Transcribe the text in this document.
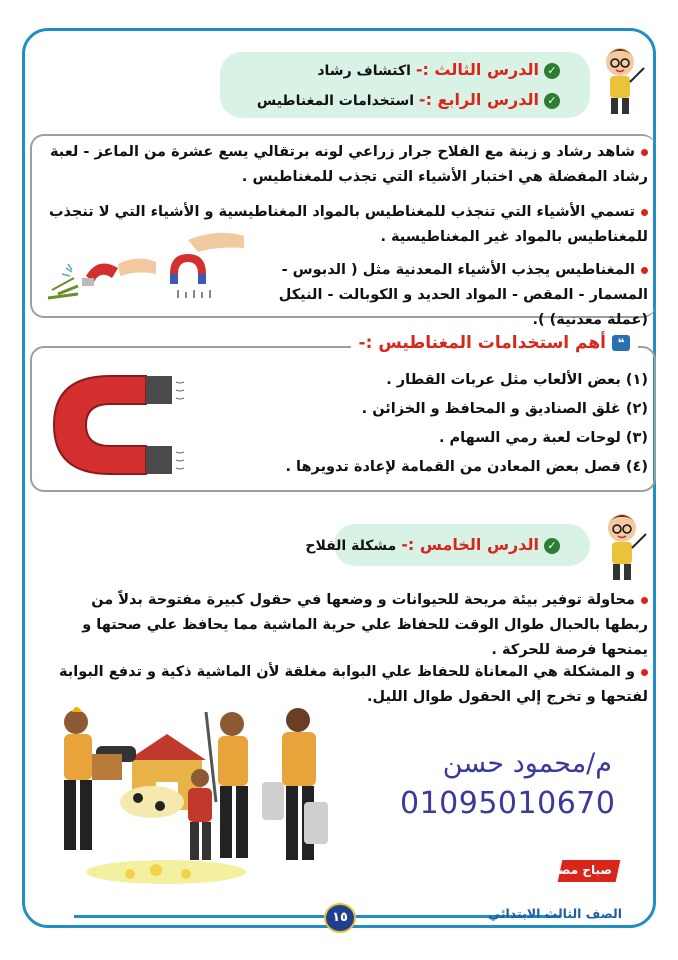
✓الدرس الثالث :- اكتشاف رشاد
✓الدرس الرابع :- استخدامات المغناطيس
شاهد رشاد و زينة مع الفلاح جرار زراعي لونه برتقالي يسع عشرة من الماعز - لعبة رشاد المفضلة هي اختبار الأشياء التي تجذب للمغناطيس .
تسمي الأشياء التي تنجذب للمغناطيس بالمواد المغناطيسية و الأشياء التي لا تنجذب للمغناطيس بالمواد غير المغناطيسية .
المغناطيس يجذب الأشياء المعدنية مثل ( الدبوس - المسمار - المقص - المواد الحديد و الكوبالت - النيكل (عملة معدنية) ).
❝أهم استخدامات المغناطيس :-
(١) بعض الألعاب مثل عربات القطار .
(٢) غلق الصناديق و المحافظ و الخزائن .
(٣) لوحات لعبة رمي السهام .
(٤) فصل بعض المعادن من القمامة لإعادة تدويرها .
✓الدرس الخامس :- مشكلة الفلاح
محاولة توفير بيئة مريحة للحيوانات و وضعها في حقول كبيرة مفتوحة بدلاً من ربطها بالحبال طوال الوقت للحفاظ علي حرية الماشية مما يحافظ علي صحتها و يمنحها فرصة للحركة .
و المشكلة هي المعاناة للحفاظ علي البوابة مغلقة لأن الماشية ذكية و تدفع البوابة لفتحها و تخرج إلي الحقول طوال الليل.
م/محمود حسن
01095010670
صباح مصر
١٥	الصف الثالث الابتدائي
